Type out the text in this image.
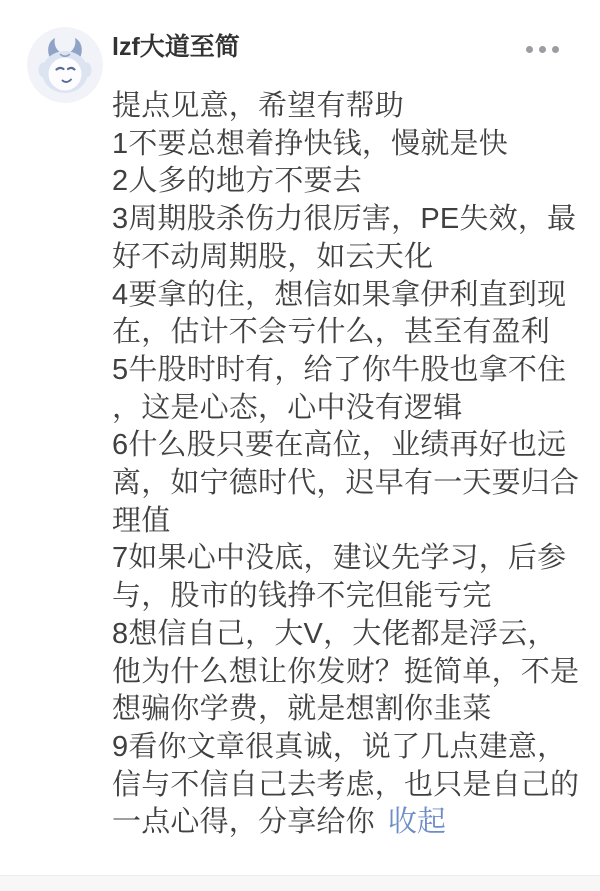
lzf大道至简
提点见意，希望有帮助
1不要总想着挣快钱，慢就是快
2人多的地方不要去
3周期股杀伤力很厉害，PE失效，最
好不动周期股，如云天化
4要拿的住，想信如果拿伊利直到现
在，估计不会亏什么，甚至有盈利
5牛股时时有，给了你牛股也拿不住
，这是心态，心中没有逻辑
6什么股只要在高位，业绩再好也远
离，如宁德时代，迟早有一天要归合
理值
7如果心中没底，建议先学习，后参
与，股市的钱挣不完但能亏完
8想信自己，大V，大佬都是浮云，
他为什么想让你发财？挺简单，不是
想骗你学费，就是想割你韭菜
9看你文章很真诚，说了几点建意，
信与不信自己去考虑，也只是自己的
一点心得，分享给你 收起
